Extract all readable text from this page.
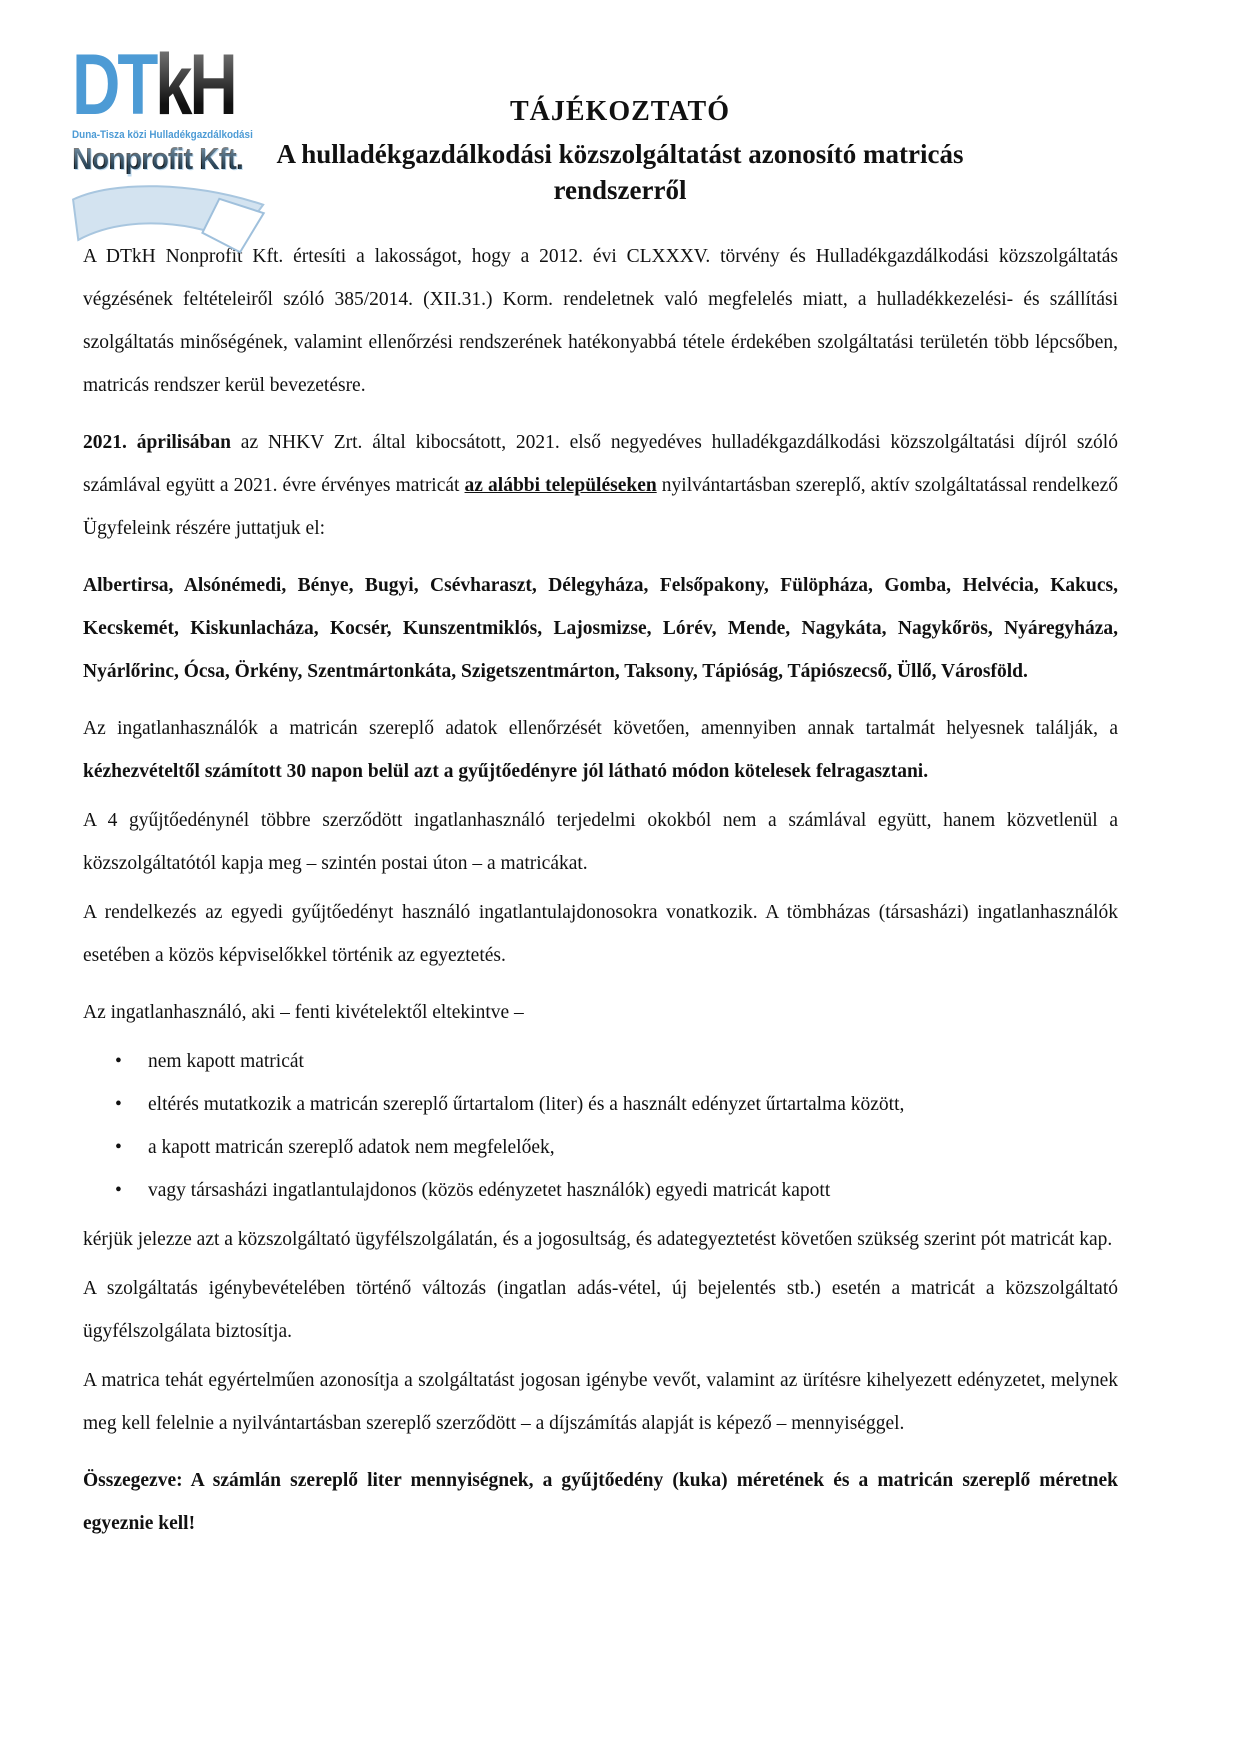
DTkH
Duna-Tisza közi Hulladékgazdálkodási
Nonprofit Kft.
TÁJÉKOZTATÓ
A hulladékgazdálkodási közszolgáltatást azonosító matricás rendszerről

A DTkH Nonprofit Kft. értesíti a lakosságot, hogy a 2012. évi CLXXXV. törvény és Hulladékgazdálkodási közszolgáltatás végzésének feltételeiről szóló 385/2014. (XII.31.) Korm. rendeletnek való megfelelés miatt, a hulladékkezelési- és szállítási szolgáltatás minőségének, valamint ellenőrzési rendszerének hatékonyabbá tétele érdekében szolgáltatási területén több lépcsőben, matricás rendszer kerül bevezetésre.

2021. áprilisában az NHKV Zrt. által kibocsátott, 2021. első negyedéves hulladékgazdálkodási közszolgáltatási díjról szóló számlával együtt a 2021. évre érvényes matricát az alábbi településeken nyilvántartásban szereplő, aktív szolgáltatással rendelkező Ügyfeleink részére juttatjuk el:

Albertirsa, Alsónémedi, Bénye, Bugyi, Csévharaszt, Délegyháza, Felsőpakony, Fülöpháza, Gomba, Helvécia, Kakucs, Kecskemét, Kiskunlacháza, Kocsér, Kunszentmiklós, Lajosmizse, Lórév, Mende, Nagykáta, Nagykőrös, Nyáregyháza, Nyárlőrinc, Ócsa, Örkény, Szentmártonkáta, Szigetszentmárton, Taksony, Tápióság, Tápiószecső, Üllő, Városföld.

Az ingatlanhasználók a matricán szereplő adatok ellenőrzését követően, amennyiben annak tartalmát helyesnek találják, a kézhezvételtől számított 30 napon belül azt a gyűjtőedényre jól látható módon kötelesek felragasztani.

A 4 gyűjtőedénynél többre szerződött ingatlanhasználó terjedelmi okokból nem a számlával együtt, hanem közvetlenül a közszolgáltatótól kapja meg – szintén postai úton – a matricákat.

A rendelkezés az egyedi gyűjtőedényt használó ingatlantulajdonosokra vonatkozik. A tömbházas (társasházi) ingatlanhasználók esetében a közös képviselőkkel történik az egyeztetés.

Az ingatlanhasználó, aki – fenti kivételektől eltekintve –

• nem kapott matricát
• eltérés mutatkozik a matricán szereplő űrtartalom (liter) és a használt edényzet űrtartalma között,
• a kapott matricán szereplő adatok nem megfelelőek,
• vagy társasházi ingatlantulajdonos (közös edényzetet használók) egyedi matricát kapott

kérjük jelezze azt a közszolgáltató ügyfélszolgálatán, és a jogosultság, és adategyeztetést követően szükség szerint pót matricát kap.

A szolgáltatás igénybevételében történő változás (ingatlan adás-vétel, új bejelentés stb.) esetén a matricát a közszolgáltató ügyfélszolgálata biztosítja.

A matrica tehát egyértelműen azonosítja a szolgáltatást jogosan igénybe vevőt, valamint az ürítésre kihelyezett edényzetet, melynek meg kell felelnie a nyilvántartásban szereplő szerződött – a díjszámítás alapját is képező – mennyiséggel.

Összegezve: A számlán szereplő liter mennyiségnek, a gyűjtőedény (kuka) méretének és a matricán szereplő méretnek egyeznie kell!
